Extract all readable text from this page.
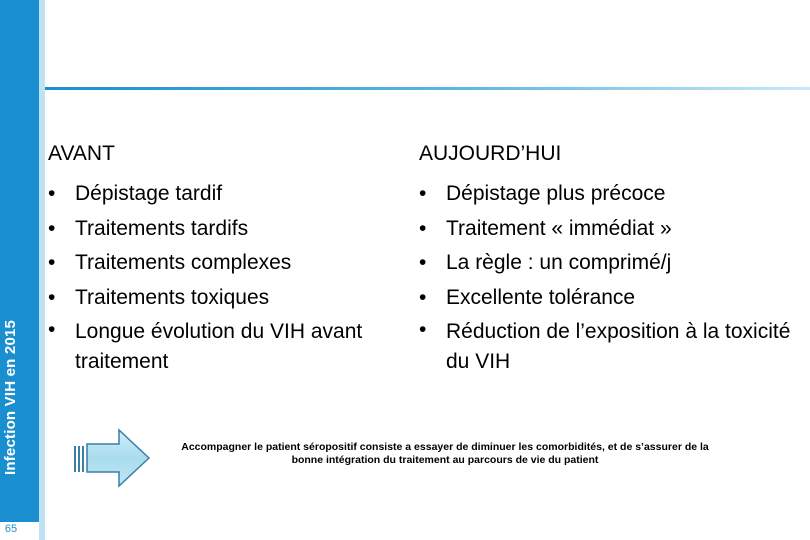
65
AVANT
• Dépistage tardif
• Traitements tardifs
• Traitements complexes
• Traitements toxiques
• Longue évolution du VIH avant traitement
AUJOURD’HUI
• Dépistage plus précoce
• Traitement « immédiat »
• La règle : un comprimé/j
• Excellente tolérance
• Réduction de l’exposition à la toxicité du VIH
Accompagner le patient séropositif consiste a essayer de diminuer les comorbidités, et de s’assurer de la bonne intégration du traitement au parcours de vie du patient
